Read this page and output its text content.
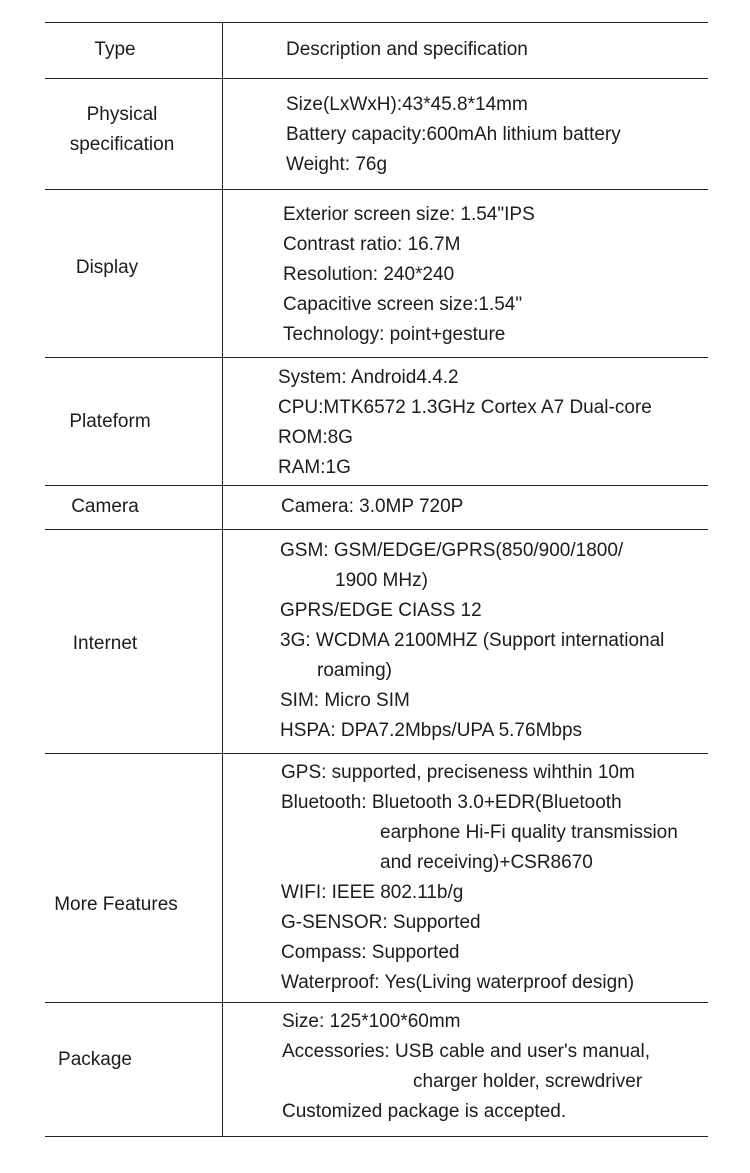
Type	Description and specification
Physical
specification
Size(LxWxH):43*45.8*14mm
Battery capacity:600mAh lithium battery
Weight: 76g
Display
Exterior screen size: 1.54"IPS
Contrast ratio: 16.7M
Resolution: 240*240
Capacitive screen size:1.54"
Technology: point+gesture
Plateform
System: Android4.4.2
CPU:MTK6572 1.3GHz Cortex A7 Dual-core
ROM:8G
RAM:1G
Camera	Camera: 3.0MP 720P
Internet
GSM: GSM/EDGE/GPRS(850/900/1800/
1900 MHz)
GPRS/EDGE CIASS 12
3G: WCDMA 2100MHZ (Support international
roaming)
SIM: Micro SIM
HSPA: DPA7.2Mbps/UPA 5.76Mbps
More Features
GPS: supported, preciseness wihthin 10m
Bluetooth: Bluetooth 3.0+EDR(Bluetooth
earphone Hi-Fi quality transmission
and receiving)+CSR8670
WIFI: IEEE 802.11b/g
G-SENSOR: Supported
Compass: Supported
Waterproof: Yes(Living waterproof design)
Package
Size: 125*100*60mm
Accessories: USB cable and user's manual,
charger holder, screwdriver
Customized package is accepted.
